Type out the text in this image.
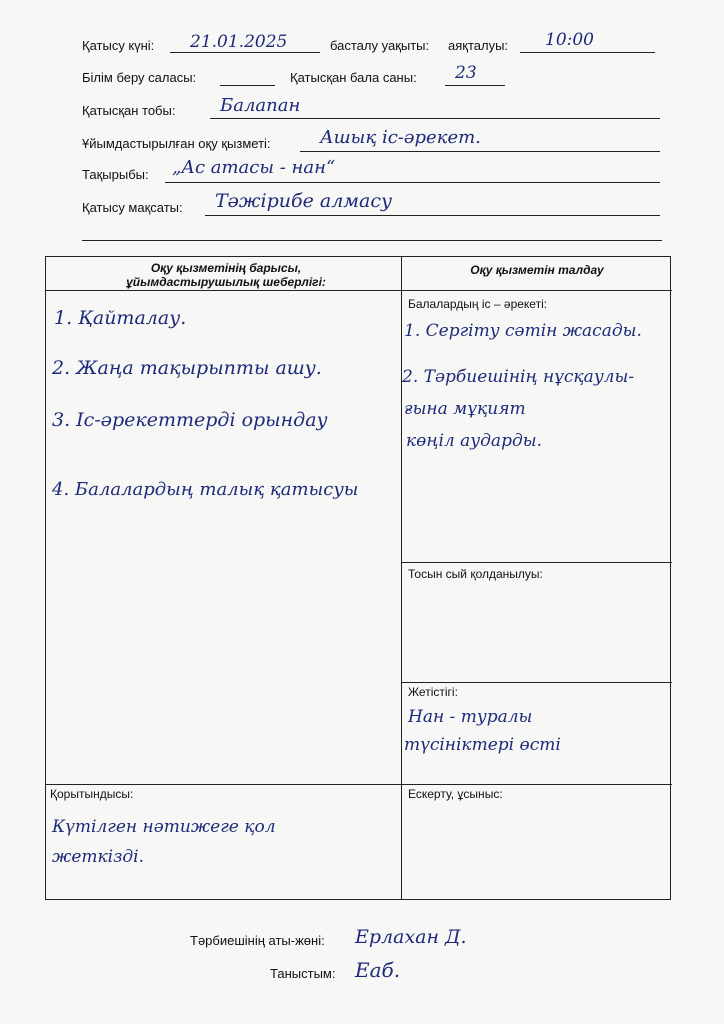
Қатысу күні: 21.01.2025	басталу уақыты: аяқталуы: 10:00
Білім беру саласы:	Қатысқан бала саны: 23
Қатысқан тобы: Балапан
Ұйымдастырылған оқу қызметі:	Ашық іс-әрекет.
Тақырыбы: „Ас атасы - нан“
Қатысу мақсаты: Тәжірибе алмасу
Оқу қызметінің барысы, ұйымдастырушылық шеберлігі:
Оқу қызметін талдау
1. Қайталау.
2. Жаңа тақырыпты ашу.
3. Іс-әрекеттерді орындау
4. Балалардың талық қатысуы
Балалардың іс – әрекеті:
1. Сергіту сәтін жасады.
2. Тәрбиешінің нұсқаулы-
ғына мұқият
көңіл аударды.
Тосын сый қолданылуы:
Жетістігі:
Нан - туралы
түсініктері өсті
Қорытындысы:
Күтілген нәтижеге қол
жеткізді.
Ескерту, ұсыныс:
Тәрбиешінің аты-жөні: Ерлахан Д.
Таныстым: Еаб.
